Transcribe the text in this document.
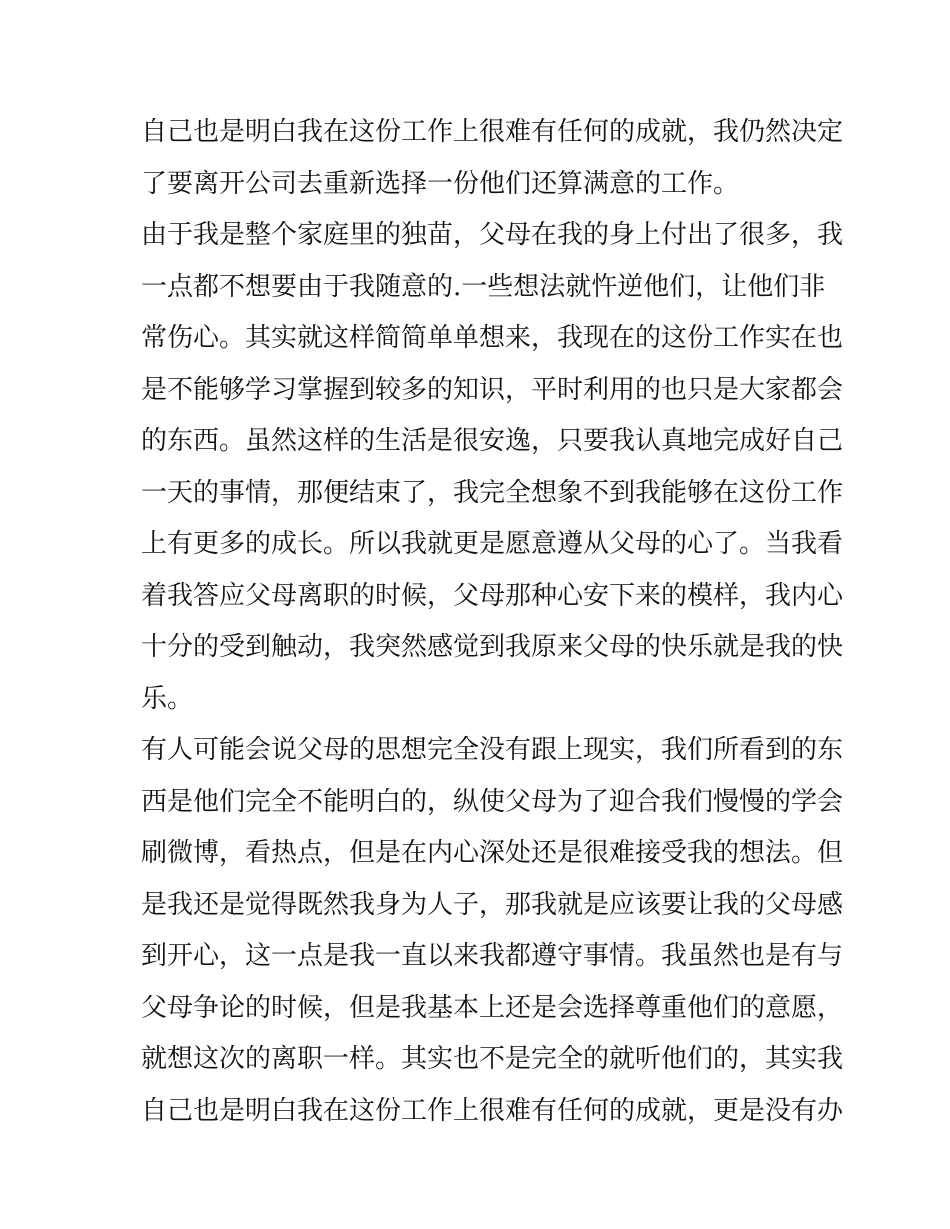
自己也是明白我在这份工作上很难有任何的成就，我仍然决定
了要离开公司去重新选择一份他们还算满意的工作。
由于我是整个家庭里的独苗，父母在我的身上付出了很多，我
一点都不想要由于我随意的.一些想法就忤逆他们，让他们非
常伤心。其实就这样简简单单想来，我现在的这份工作实在也
是不能够学习掌握到较多的知识，平时利用的也只是大家都会
的东西。虽然这样的生活是很安逸，只要我认真地完成好自己
一天的事情，那便结束了，我完全想象不到我能够在这份工作
上有更多的成长。所以我就更是愿意遵从父母的心了。当我看
着我答应父母离职的时候，父母那种心安下来的模样，我内心
十分的受到触动，我突然感觉到我原来父母的快乐就是我的快
乐。
有人可能会说父母的思想完全没有跟上现实，我们所看到的东
西是他们完全不能明白的，纵使父母为了迎合我们慢慢的学会
刷微博，看热点，但是在内心深处还是很难接受我的想法。但
是我还是觉得既然我身为人子，那我就是应该要让我的父母感
到开心，这一点是我一直以来我都遵守事情。我虽然也是有与
父母争论的时候，但是我基本上还是会选择尊重他们的意愿，
就想这次的离职一样。其实也不是完全的就听他们的，其实我
自己也是明白我在这份工作上很难有任何的成就，更是没有办
